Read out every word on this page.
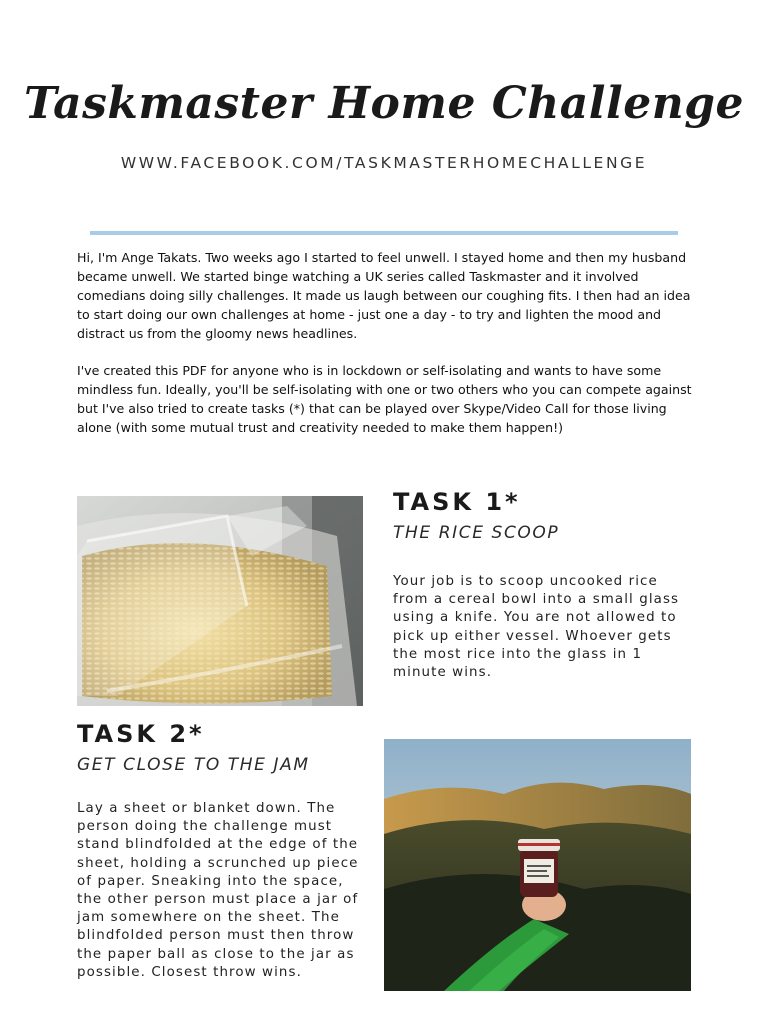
Taskmaster Home Challenge
WWW.FACEBOOK.COM/TASKMASTERHOMECHALLENGE

Hi, I'm Ange Takats. Two weeks ago I started to feel unwell. I stayed home and then my husband became unwell. We started binge watching a UK series called Taskmaster and it involved comedians doing silly challenges. It made us laugh between our coughing fits. I then had an idea to start doing our own challenges at home - just one a day - to try and lighten the mood and distract us from the gloomy news headlines.

I've created this PDF for anyone who is in lockdown or self-isolating and wants to have some mindless fun. Ideally, you'll be self-isolating with one or two others who you can compete against but I've also tried to create tasks (*) that can be played over Skype/Video Call for those living alone (with some mutual trust and creativity needed to make them happen!)

TASK 1*
THE RICE SCOOP

Your job is to scoop uncooked rice from a cereal bowl into a small glass using a knife. You are not allowed to pick up either vessel. Whoever gets the most rice into the glass in 1 minute wins.

TASK 2*
GET CLOSE TO THE JAM

Lay a sheet or blanket down. The person doing the challenge must stand blindfolded at the edge of the sheet, holding a scrunched up piece of paper. Sneaking into the space, the other person must place a jar of jam somewhere on the sheet. The blindfolded person must then throw the paper ball as close to the jar as possible. Closest throw wins.
